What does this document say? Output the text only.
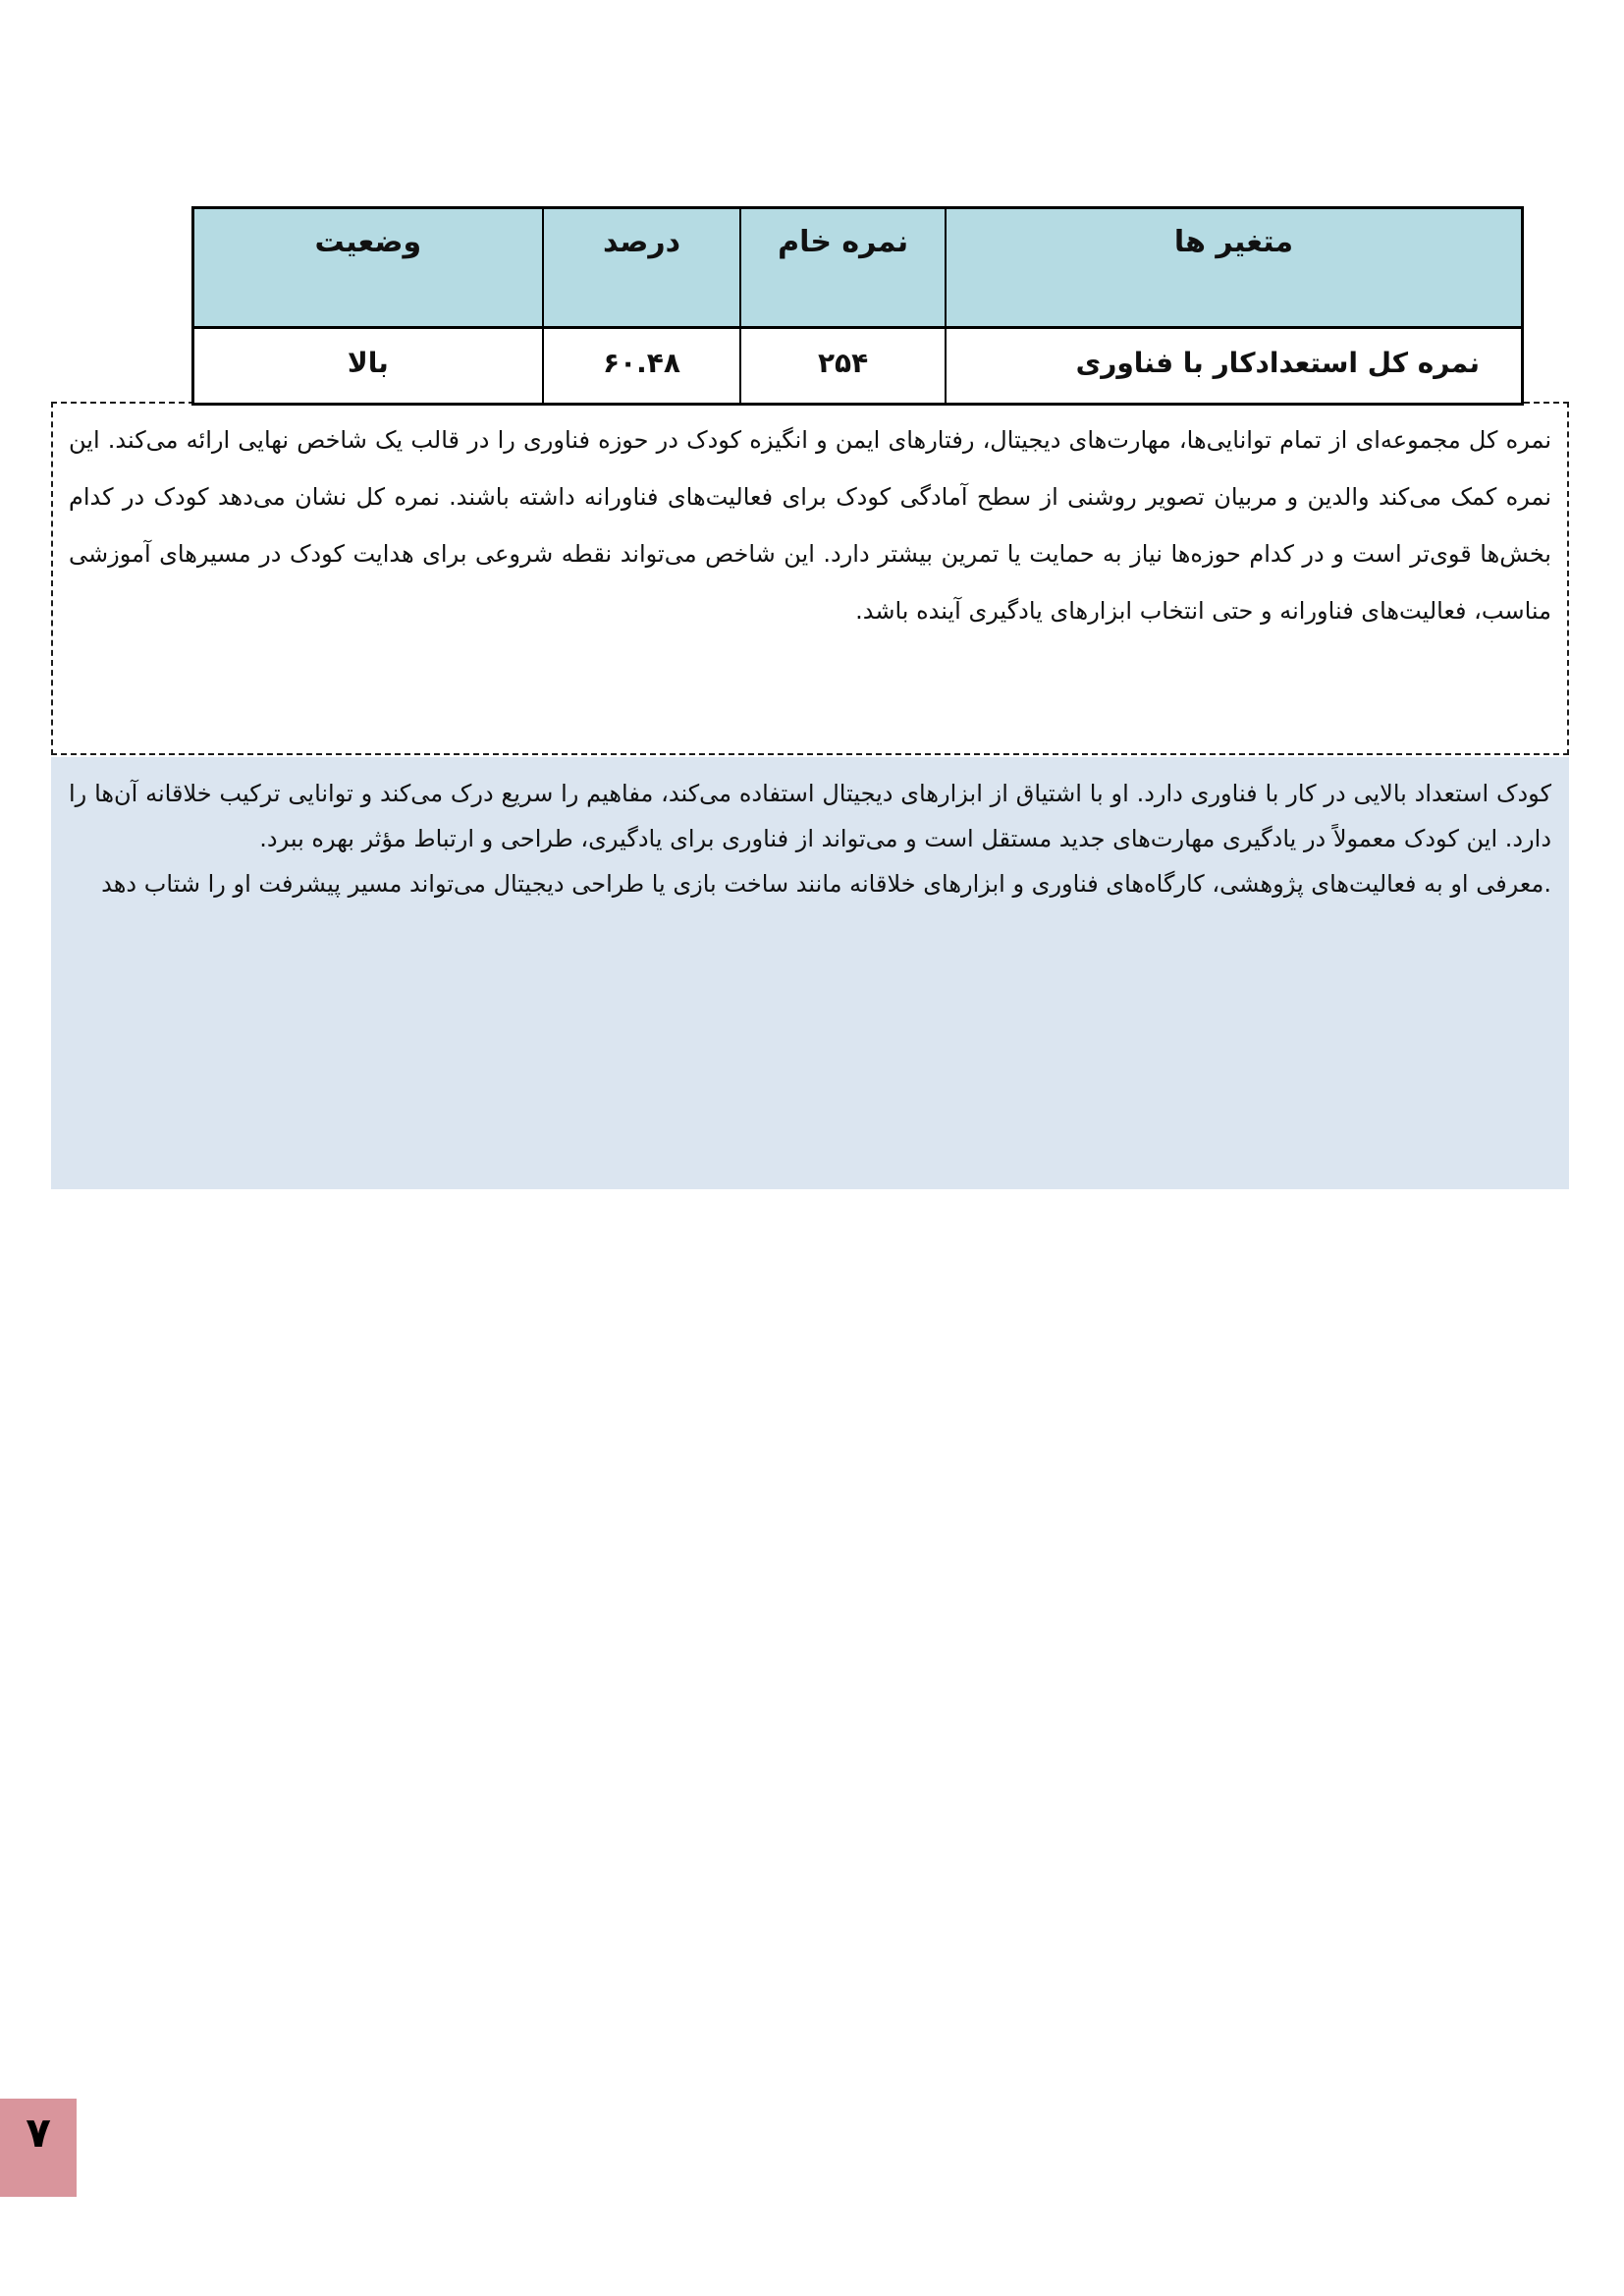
متغیر ها	نمره خام	درصد	وضعیت
نمره کل استعدادکار با فناوری	۲۵۴	۶۰.۴۸	بالا

نمره کل مجموعه‌ای از تمام توانایی‌ها، مهارت‌های دیجیتال، رفتارهای ایمن و انگیزه کودک در حوزه فناوری را در قالب یک شاخص نهایی ارائه می‌کند. این نمره کمک می‌کند والدین و مربیان تصویر روشنی از سطح آمادگی کودک برای فعالیت‌های فناورانه داشته باشند. نمره کل نشان می‌دهد کودک در کدام بخش‌ها قوی‌تر است و در کدام حوزه‌ها نیاز به حمایت یا تمرین بیشتر دارد. این شاخص می‌تواند نقطه شروعی برای هدایت کودک در مسیرهای آموزشی مناسب، فعالیت‌های فناورانه و حتی انتخاب ابزارهای یادگیری آینده باشد.

کودک استعداد بالایی در کار با فناوری دارد. او با اشتیاق از ابزارهای دیجیتال استفاده می‌کند، مفاهیم را سریع درک می‌کند و توانایی ترکیب خلاقانه آن‌ها را دارد. این کودک معمولاً در یادگیری مهارت‌های جدید مستقل است و می‌تواند از فناوری برای یادگیری، طراحی و ارتباط مؤثر بهره ببرد.

.معرفی او به فعالیت‌های پژوهشی، کارگاه‌های فناوری و ابزارهای خلاقانه مانند ساخت بازی یا طراحی دیجیتال می‌تواند مسیر پیشرفت او را شتاب دهد

۷
